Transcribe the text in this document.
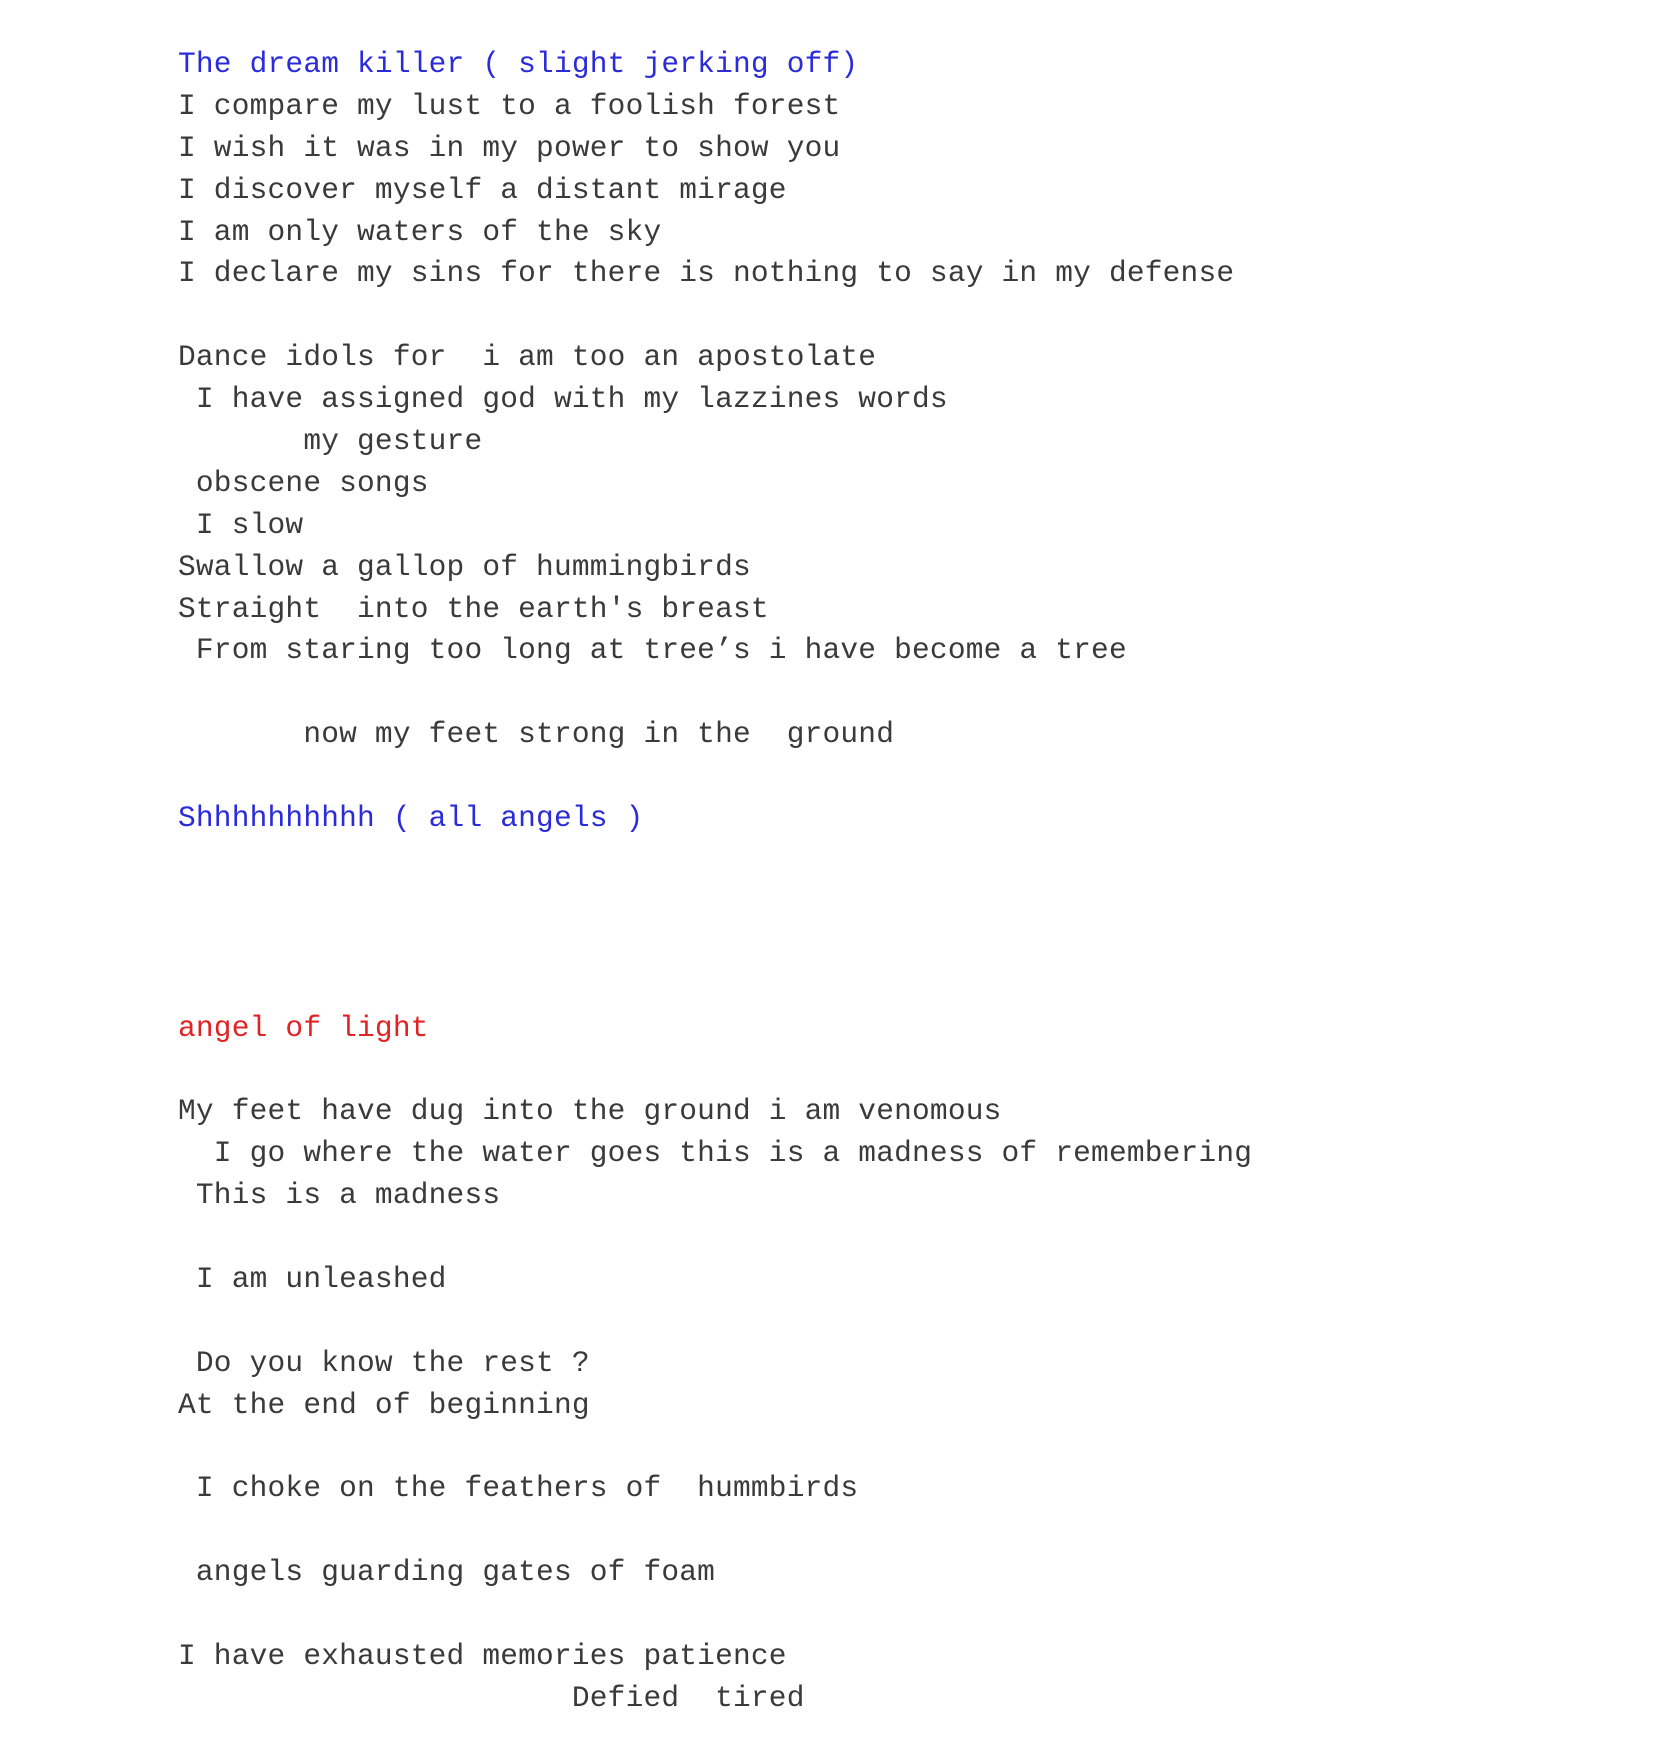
The dream killer ( slight jerking off)
I compare my lust to a foolish forest
I wish it was in my power to show you
I discover myself a distant mirage
I am only waters of the sky
I declare my sins for there is nothing to say in my defense
Dance idols for  i am too an apostolate
I have assigned god with my lazzines words
my gesture
obscene songs
I slow
Swallow a gallop of hummingbirds
Straight  into the earth's breast
From staring too long at tree’s i have become a tree
now my feet strong in the  ground
Shhhhhhhhhh ( all angels )
angel of light
My feet have dug into the ground i am venomous
I go where the water goes this is a madness of remembering
This is a madness
I am unleashed
Do you know the rest ?
At the end of beginning
I choke on the feathers of  hummbirds
angels guarding gates of foam
I have exhausted memories patience
Defied  tired
